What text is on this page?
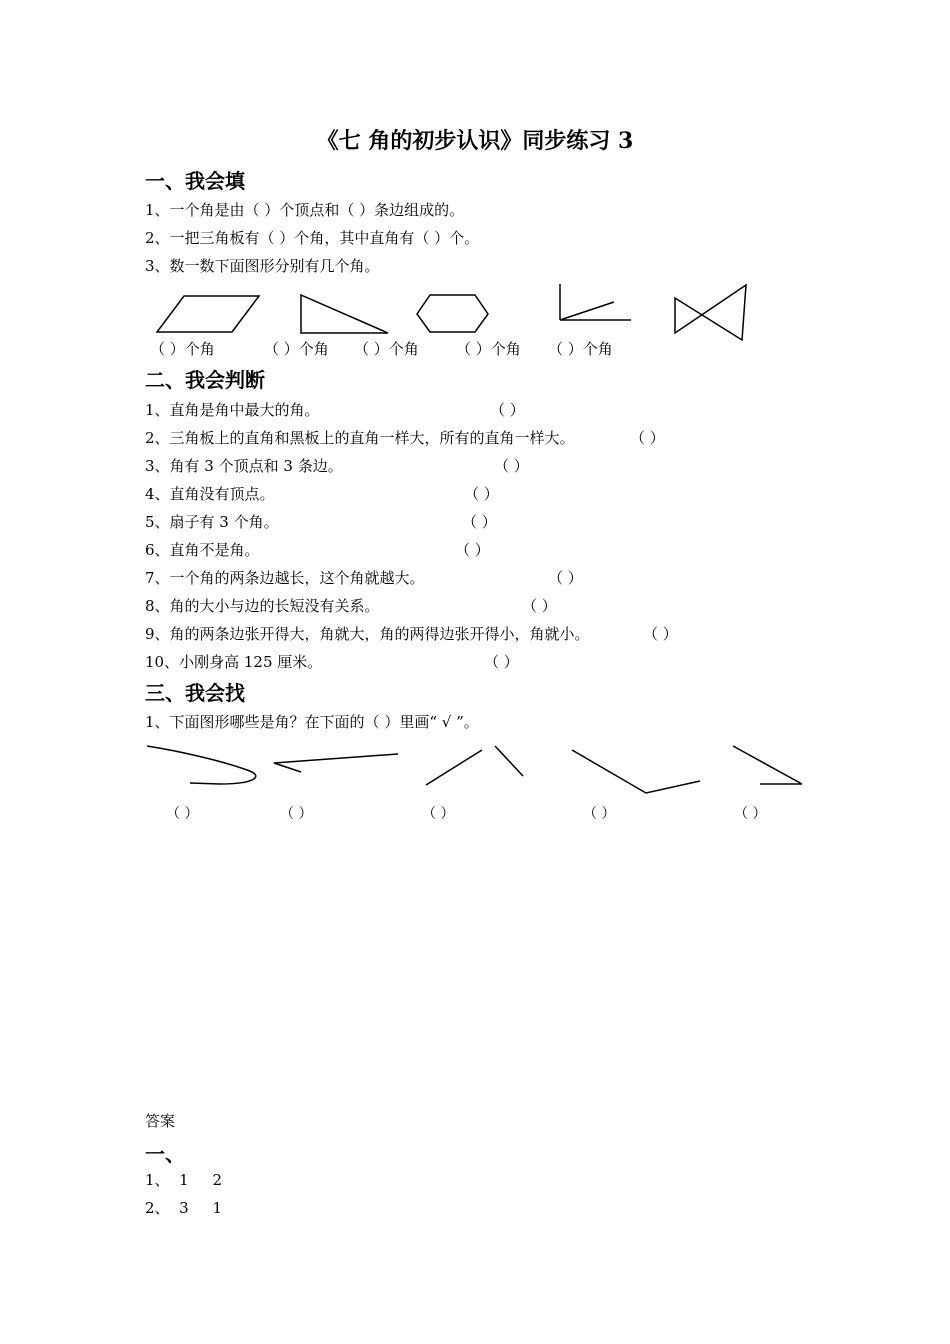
《七 角的初步认识》同步练习 3
一、我会填
1、一个角是由（ ）个顶点和（ ）条边组成的。
2、一把三角板有（ ）个角，其中直角有（ ）个。
3、数一数下面图形分别有几个角。
（ ）个角	（ ）个角 （ ）个角 （ ）个角 （ ）个角
二、我会判断
1、直角是角中最大的角。	（ ）
2、三角板上的直角和黑板上的直角一样大，所有的直角一样大。	（ ）
3、角有 3 个顶点和 3 条边。	（ ）
4、直角没有顶点。	（ ）
5、扇子有 3 个角。	（ ）
6、直角不是角。	（ ）
7、一个角的两条边越长，这个角就越大。	（ ）
8、角的大小与边的长短没有关系。	（ ）
9、角的两条边张开得大，角就大，角的两得边张开得小，角就小。	（ ）
10、小刚身高 125 厘米。	（ ）
三、我会找
1、下面图形哪些是角？在下面的（ ）里画“ √ ”。
（ ）	（ ）	（ ）	（ ）	（ ）
答案
一、
1、  1     2
2、  3     1
